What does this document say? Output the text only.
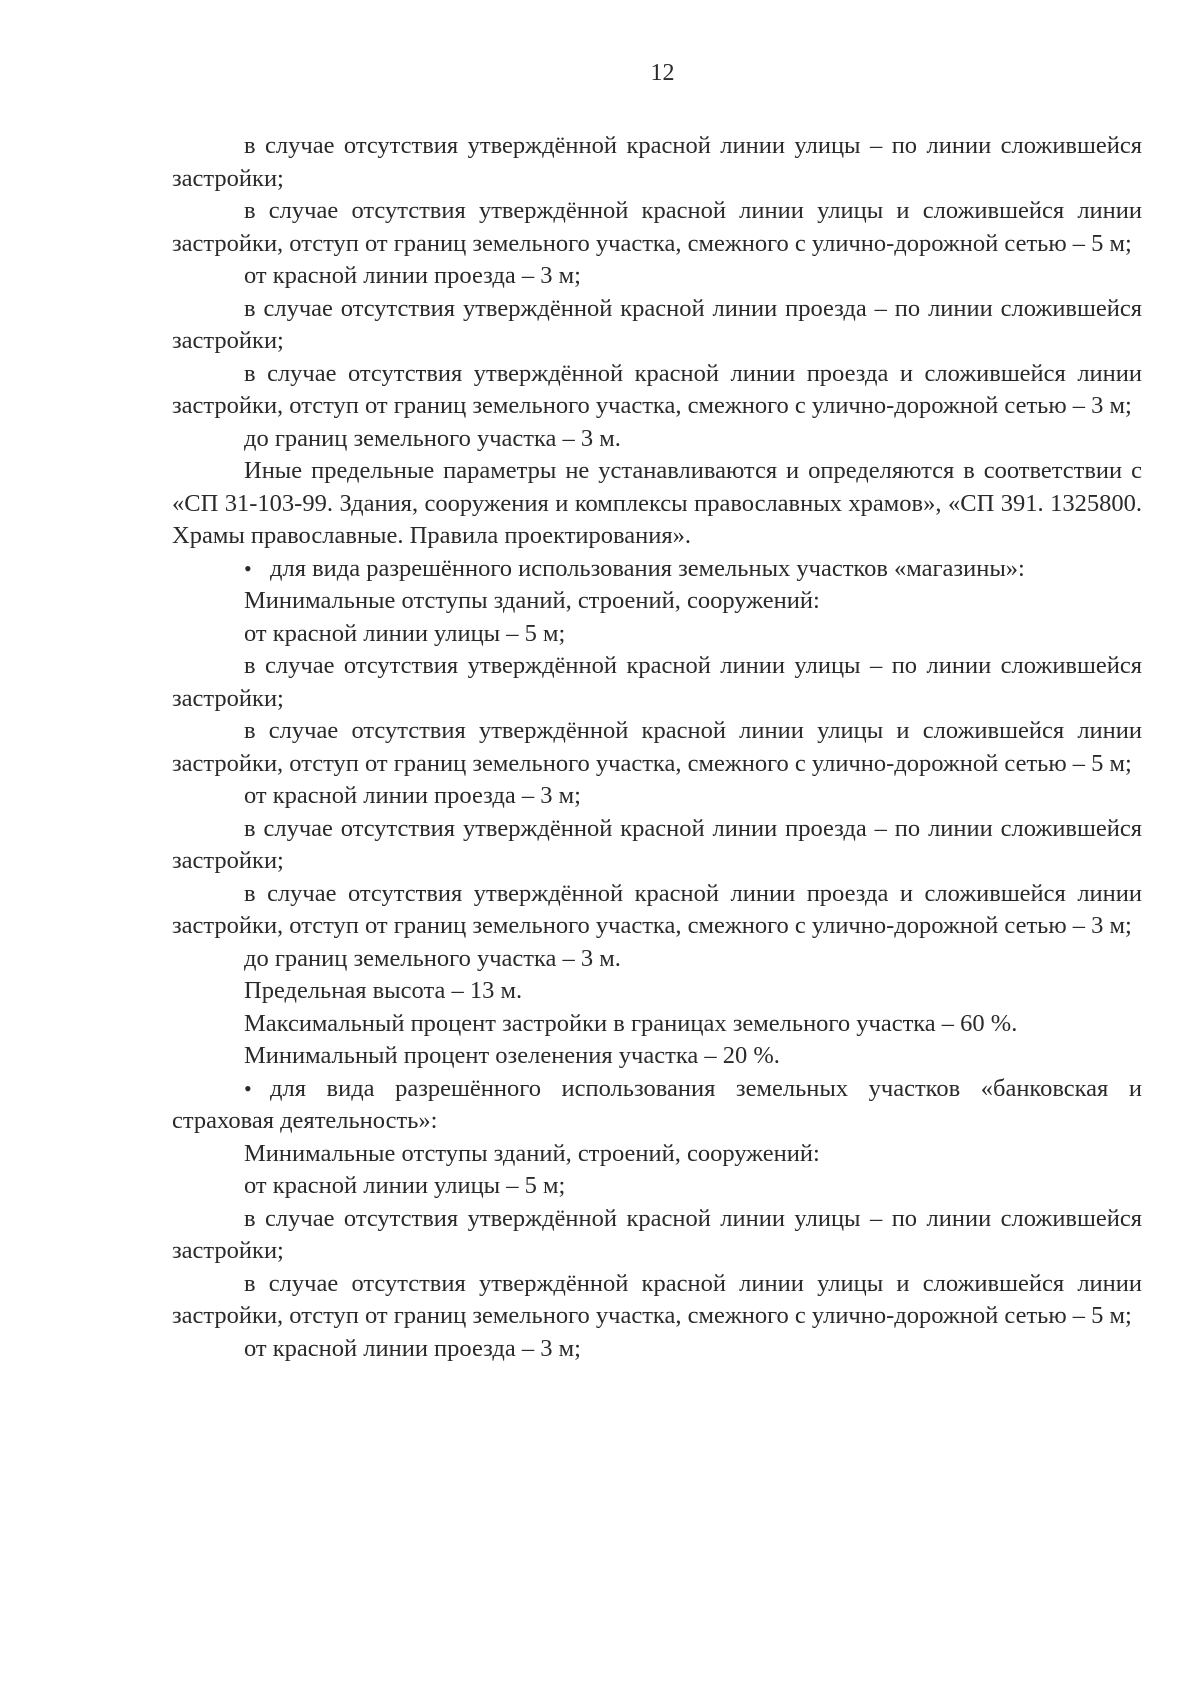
12

в случае отсутствия утверждённой красной линии улицы – по линии сложившейся застройки;

в случае отсутствия утверждённой красной линии улицы и сложившейся линии застройки, отступ от границ земельного участка, смежного с улично-дорожной сетью – 5 м;

от красной линии проезда – 3 м;

в случае отсутствия утверждённой красной линии проезда – по линии сложившейся застройки;

в случае отсутствия утверждённой красной линии проезда и сложившейся линии застройки, отступ от границ земельного участка, смежного с улично-дорожной сетью – 3 м;

до границ земельного участка – 3 м.

Иные предельные параметры не устанавливаются и определяются в соответствии с «СП 31-103-99. Здания, сооружения и комплексы православных храмов», «СП 391. 1325800. Храмы православные. Правила проектирования».

• для вида разрешённого использования земельных участков «магазины»:

Минимальные отступы зданий, строений, сооружений:

от красной линии улицы – 5 м;

в случае отсутствия утверждённой красной линии улицы – по линии сложившейся застройки;

в случае отсутствия утверждённой красной линии улицы и сложившейся линии застройки, отступ от границ земельного участка, смежного с улично-дорожной сетью – 5 м;

от красной линии проезда – 3 м;

в случае отсутствия утверждённой красной линии проезда – по линии сложившейся застройки;

в случае отсутствия утверждённой красной линии проезда и сложившейся линии застройки, отступ от границ земельного участка, смежного с улично-дорожной сетью – 3 м;

до границ земельного участка – 3 м.

Предельная высота – 13 м.

Максимальный процент застройки в границах земельного участка – 60 %.

Минимальный процент озеленения участка – 20 %.

• для вида разрешённого использования земельных участков «банковская и страховая деятельность»:

Минимальные отступы зданий, строений, сооружений:

от красной линии улицы – 5 м;

в случае отсутствия утверждённой красной линии улицы – по линии сложившейся застройки;

в случае отсутствия утверждённой красной линии улицы и сложившейся линии застройки, отступ от границ земельного участка, смежного с улично-дорожной сетью – 5 м;

от красной линии проезда – 3 м;
